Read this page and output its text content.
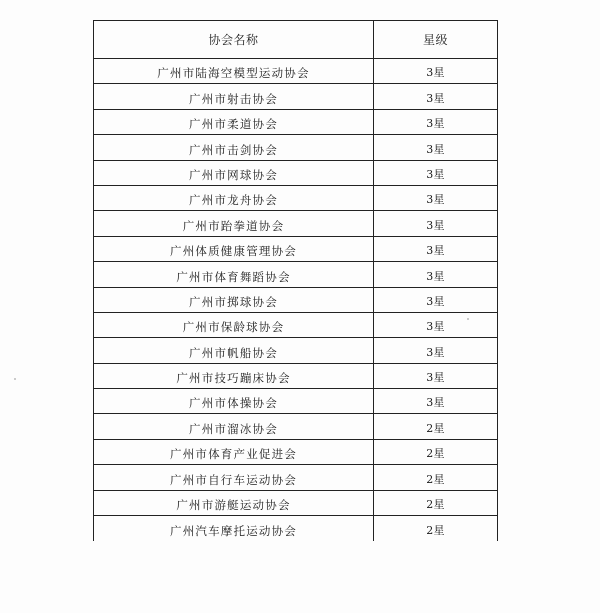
协会名称	星级
广州市陆海空模型运动协会	3星
广州市射击协会	3星
广州市柔道协会	3星
广州市击剑协会	3星
广州市网球协会	3星
广州市龙舟协会	3星
广州市跆拳道协会	3星
广州体质健康管理协会	3星
广州市体育舞蹈协会	3星
广州市掷球协会	3星
广州市保龄球协会	3星
广州市帆船协会	3星
广州市技巧蹦床协会	3星
广州市体操协会	3星
广州市溜冰协会	2星
广州市体育产业促进会	2星
广州市自行车运动协会	2星
广州市游艇运动协会	2星
广州汽车摩托运动协会	2星
